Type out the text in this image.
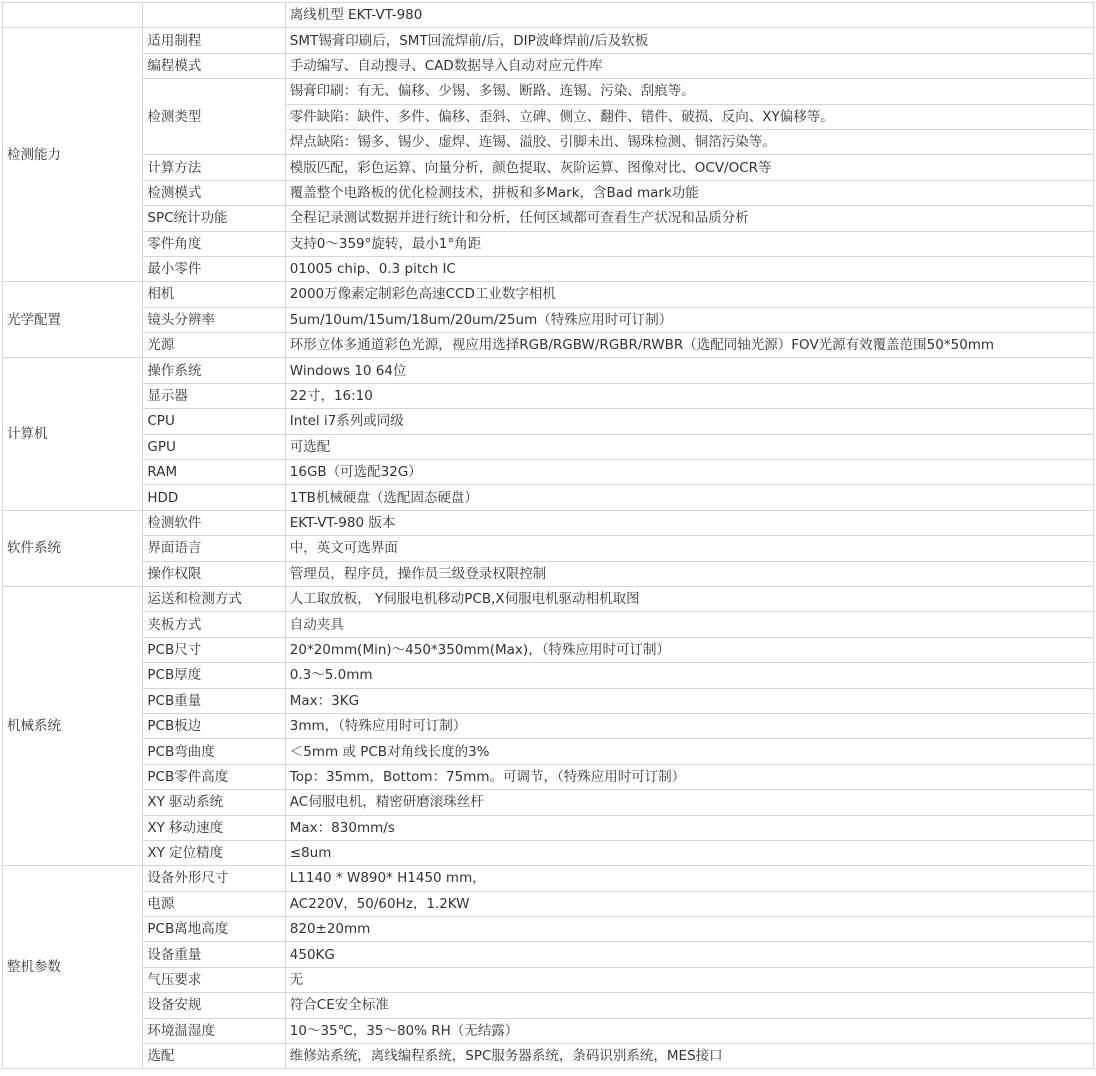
		离线机型 EKT-VT-980
检测能力	适用制程	SMT锡膏印刷后，SMT回流焊前/后，DIP波峰焊前/后及软板
	编程模式	手动编写、自动搜寻、CAD数据导入自动对应元件库
	检测类型	锡膏印刷：有无、偏移、少锡、多锡、断路、连锡、污染、刮痕等。
		零件缺陷：缺件、多件、偏移、歪斜、立碑、侧立、翻件、错件、破损、反向、XY偏移等。
		焊点缺陷：锡多、锡少、虚焊、连锡、溢胶、引脚未出、锡珠检测、铜箔污染等。
	计算方法	模版匹配，彩色运算、向量分析，颜色提取、灰阶运算、图像对比、OCV/OCR等
	检测模式	覆盖整个电路板的优化检测技术，拼板和多Mark，含Bad mark功能
	SPC统计功能	全程记录测试数据并进行统计和分析，任何区域都可查看生产状况和品质分析
	零件角度	支持0～359°旋转，最小1°角距
	最小零件	01005 chip、0.3 pitch IC
光学配置	相机	2000万像素定制彩色高速CCD工业数字相机
	镜头分辨率	5um/10um/15um/18um/20um/25um（特殊应用时可订制）
	光源	环形立体多通道彩色光源，视应用选择RGB/RGBW/RGBR/RWBR（选配同轴光源）FOV光源有效覆盖范围50*50mm
计算机	操作系统	Windows 10 64位
	显示器	22寸，16:10
	CPU	Intel i7系列或同级
	GPU	可选配
	RAM	16GB（可选配32G）
	HDD	1TB机械硬盘（选配固态硬盘）
软件系统	检测软件	EKT-VT-980 版本
	界面语言	中，英文可选界面
	操作权限	管理员，程序员，操作员三级登录权限控制
机械系统	运送和检测方式	人工取放板， Y伺服电机移动PCB,X伺服电机驱动相机取图
	夹板方式	自动夹具
	PCB尺寸	20*20mm(Min)～450*350mm(Max)，（特殊应用时可订制）
	PCB厚度	0.3～5.0mm
	PCB重量	Max：3KG
	PCB板边	3mm，（特殊应用时可订制）
	PCB弯曲度	＜5mm 或 PCB对角线长度的3%
	PCB零件高度	Top：35mm，Bottom：75mm。可调节，（特殊应用时可订制）
	XY 驱动系统	AC伺服电机，精密研磨滚珠丝杆
	XY 移动速度	Max：830mm/s
	XY 定位精度	≤8um
整机参数	设备外形尺寸	L1140 * W890* H1450 mm，
	电源	AC220V，50/60Hz，1.2KW
	PCB离地高度	820±20mm
	设备重量	450KG
	气压要求	无
	设备安规	符合CE安全标准
	环境温湿度	10～35℃，35～80% RH（无结露）
	选配	维修站系统，离线编程系统，SPC服务器系统，条码识别系统，MES接口
